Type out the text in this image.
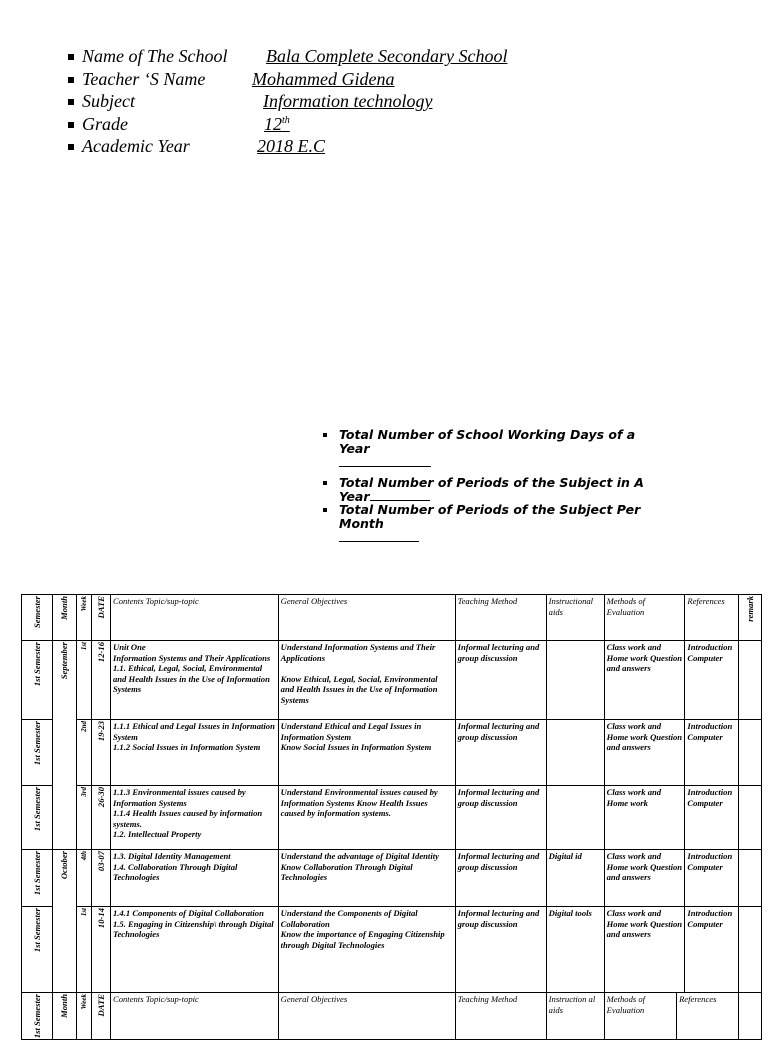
Name of The School Bala Complete Secondary School
Teacher ‘S Name	Mohammed Gidena
Subject	Information technology
Grade	12th
Academic Year	2018 E.C
Total Number of School Working Days of a Year

Total Number of Periods of the Subject in A Year
Total Number of Periods of the Subject Per Month

Semester	Month	Week	DATE	Contents Topic/sup-topic	General Objectives	Teaching Method	Instructional aids	Methods of Evaluation	References	remark

1st Semester	September	1st	12-16	Unit One
Information Systems and Their Applications
1.1. Ethical, Legal, Social, Environmental and Health Issues in the Use of Information Systems	Understand Information Systems and Their Applications

Know Ethical, Legal, Social, Environmental and Health Issues in the Use of Information Systems	Informal lecturing and group discussion		Class work and Home work Question and answers	Introduction Computer	

1st Semester		2nd	19-23	1.1.1 Ethical and Legal Issues in Information System
1.1.2 Social Issues in Information System	Understand Ethical and Legal Issues in Information System
Know Social Issues in Information System	Informal lecturing and group discussion		Class work and Home work Question and answers	Introduction Computer	

1st Semester		3rd	26-30	1.1.3 Environmental issues caused by Information Systems
1.1.4 Health Issues caused by information systems.
1.2. Intellectual Property	Understand Environmental issues caused by Information Systems Know Health Issues caused by information systems.	Informal lecturing and group discussion		Class work and Home work	Introduction Computer	

1st Semester	October	4th	03-07	1.3. Digital Identity Management
1.4. Collaboration Through Digital Technologies	Understand the advantage of Digital Identity
Know Collaboration Through Digital Technologies	Informal lecturing and group discussion	Digital id	Class work and Home work Question and answers	Introduction Computer	

1st Semester		1st	10-14	1.4.1 Components of Digital Collaboration
1.5. Engaging in Citizenship\ through Digital Technologies	Understand the Components of Digital Collaboration
Know the importance of Engaging Citizenship through Digital Technologies	Informal lecturing and group discussion	Digital tools	Class work and Home work Question and answers	Introduction Computer	
1st Semester	Month	Week	DATE	Contents Topic/sup-topic	General Objectives	Teaching Method	Instruction al aids	Methods of Evaluation	References	
